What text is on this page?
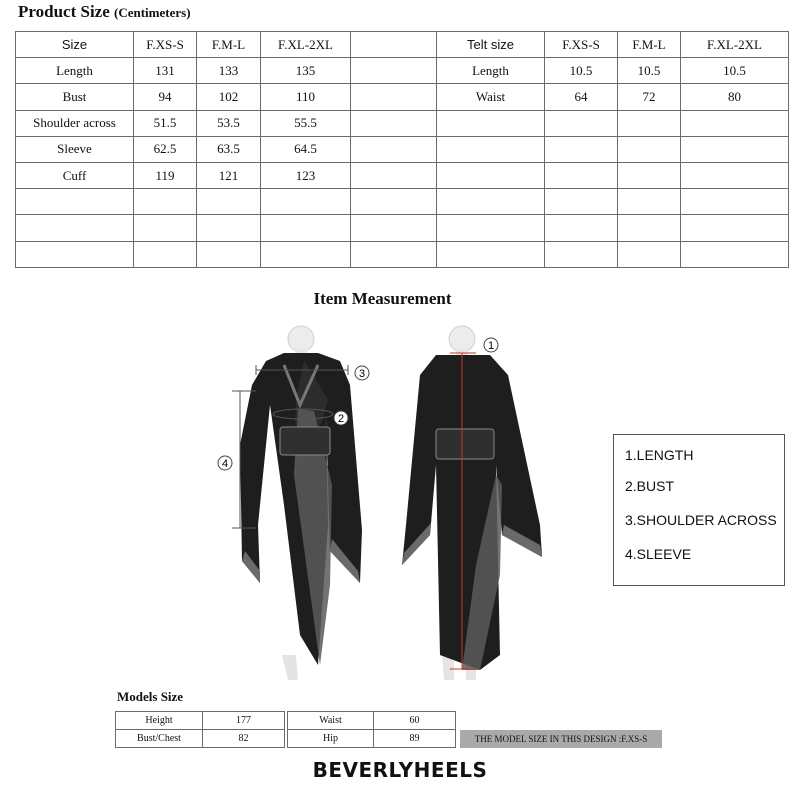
Product Size (Centimeters)
Size	F.XS-S	F.M-L	F.XL-2XL		Telt size	F.XS-S	F.M-L	F.XL-2XL
Length	131	133	135		Length	10.5	10.5	10.5
Bust	94	102	110		Waist	64	72	80
Shoulder across	51.5	53.5	55.5					
Sleeve	62.5	63.5	64.5					
Cuff	119	121	123					

Item Measurement
3
2
4
1
1.LENGTH
2.BUST
3.SHOULDER ACROSS
4.SLEEVE
Models Size
Height	177
Bust/Chest	82
Waist	60
Hip	89	THE MODEL SIZE IN THIS DESIGN :F.XS-S
BEVERLYHEELS
